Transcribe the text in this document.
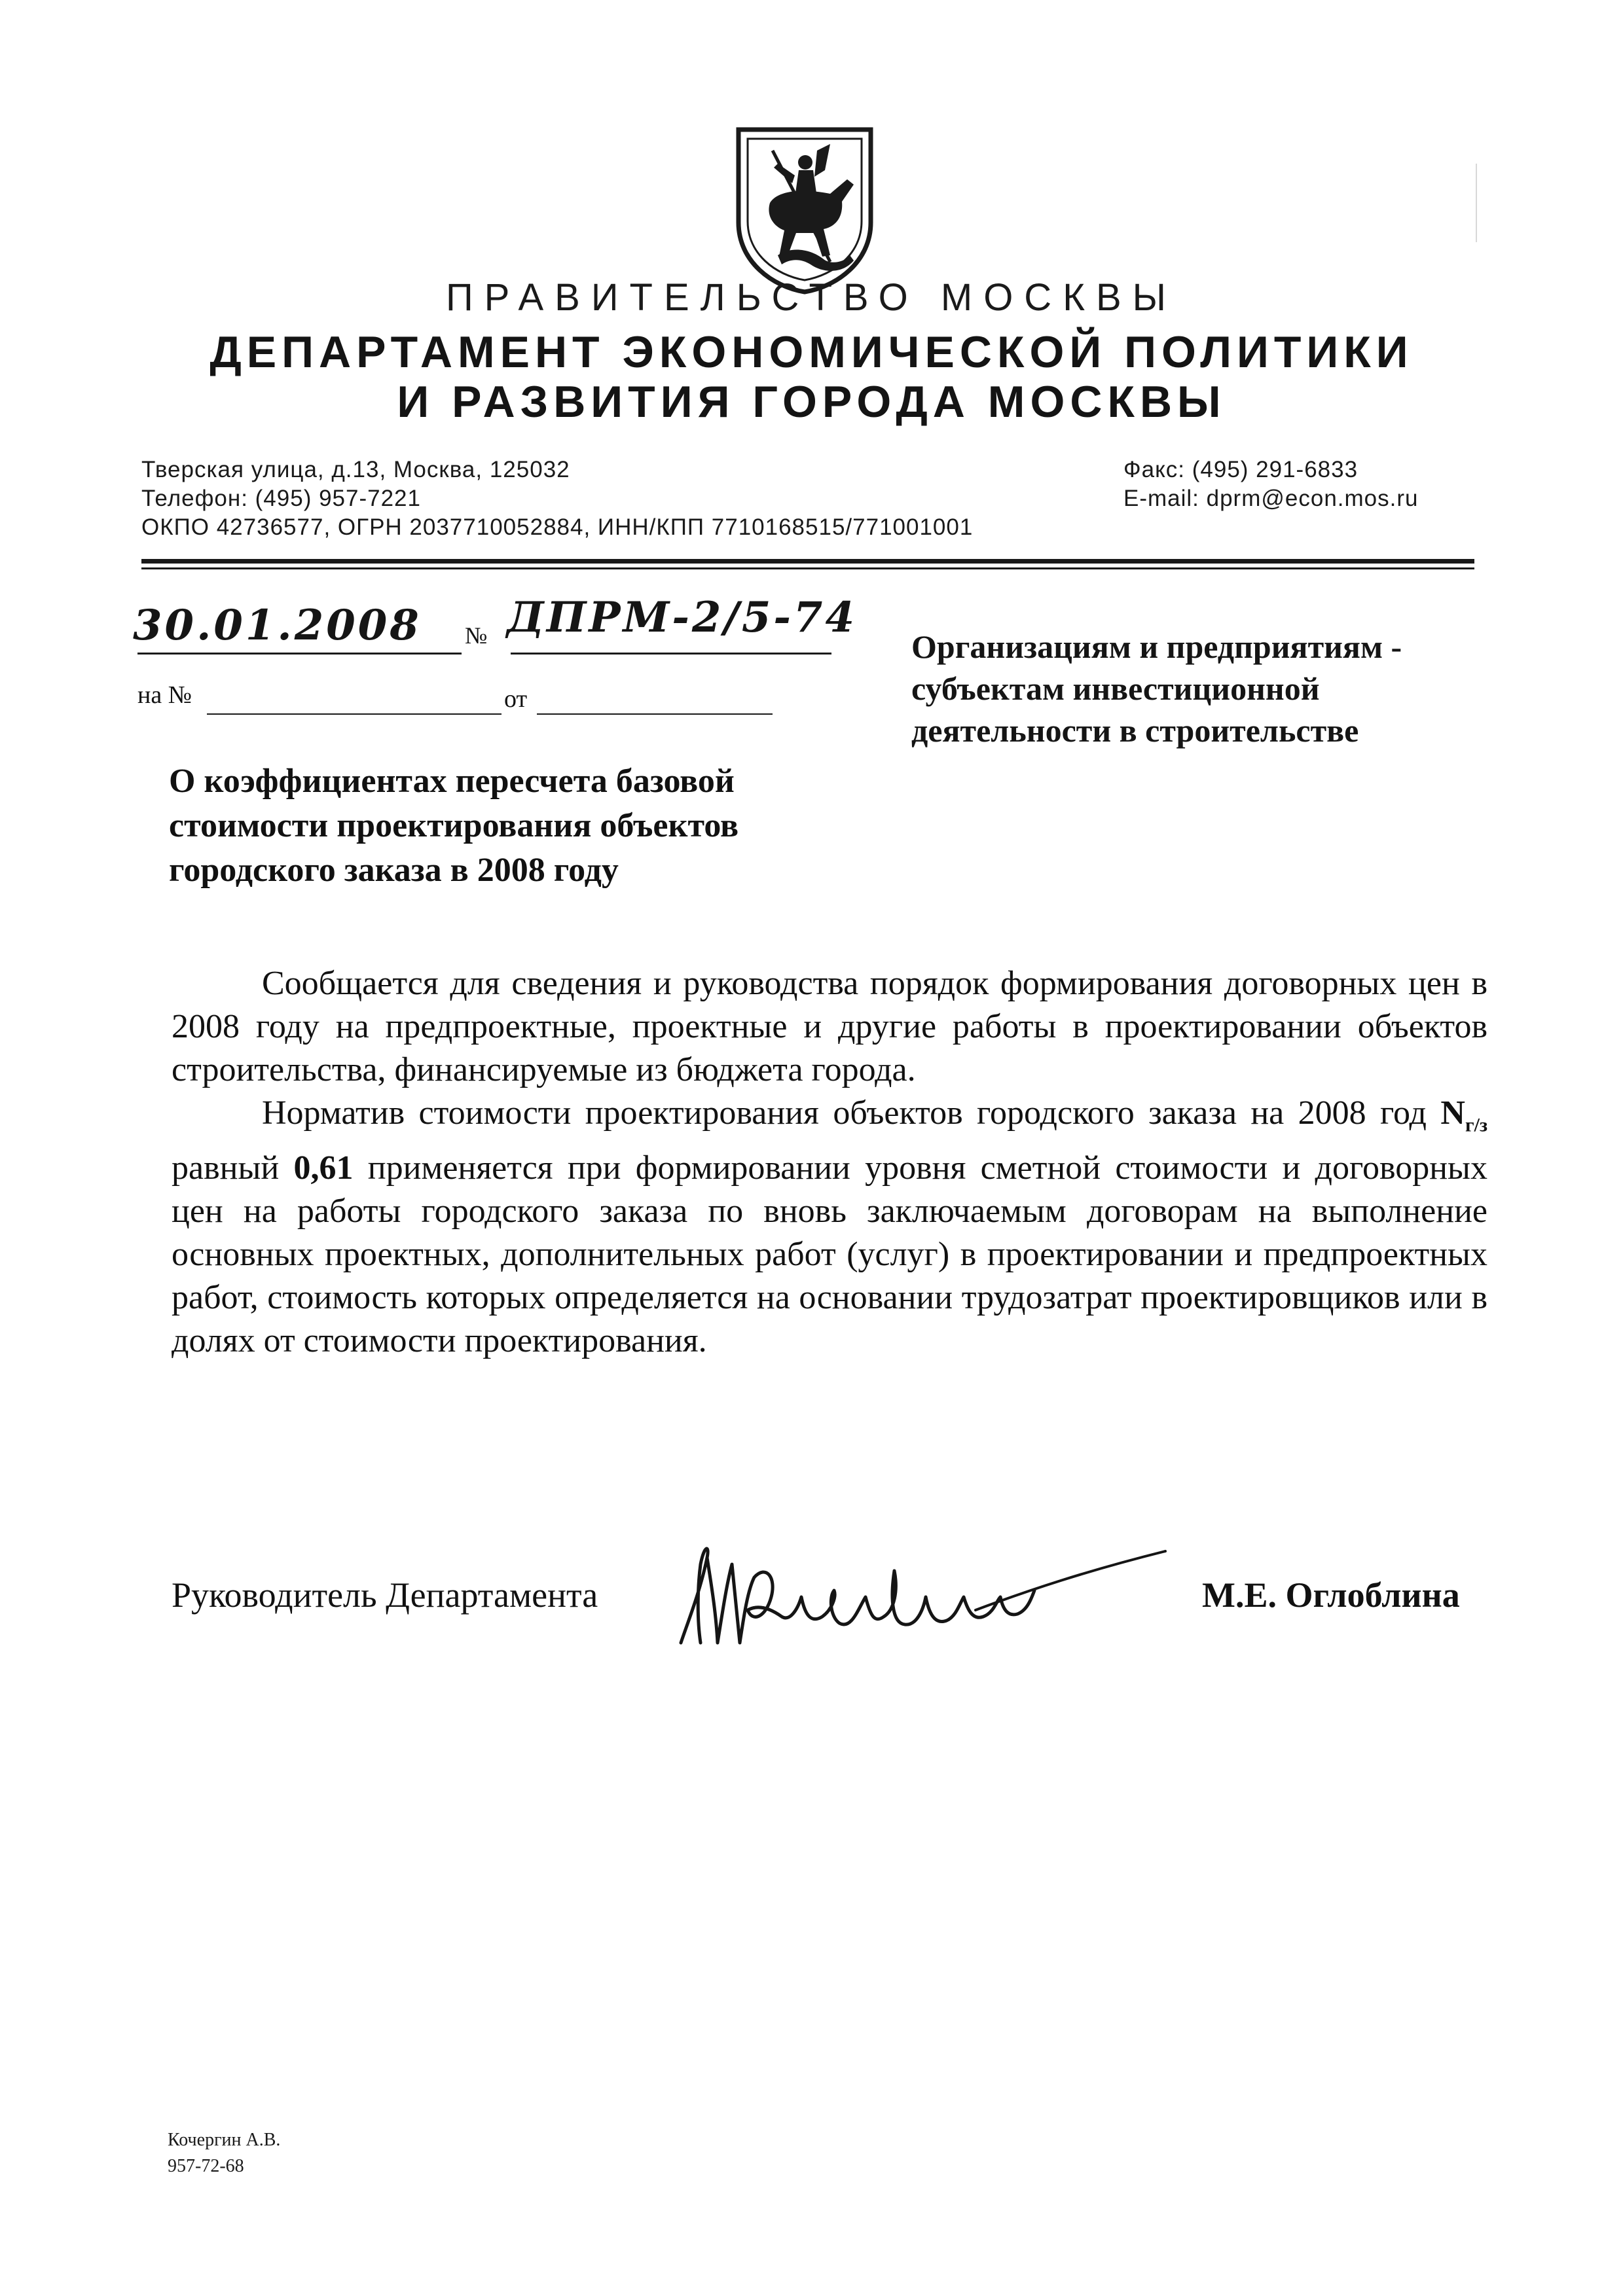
ПРАВИТЕЛЬСТВО МОСКВЫ
ДЕПАРТАМЕНТ ЭКОНОМИЧЕСКОЙ ПОЛИТИКИ
И РАЗВИТИЯ ГОРОДА МОСКВЫ
Тверская улица, д.13, Москва, 125032
Телефон: (495) 957-7221
ОКПО 42736577, ОГРН 2037710052884, ИНН/КПП 7710168515/771001001
Факс: (495) 291-6833
E-mail: dprm@econ.mos.ru
30.01.2008 № ДПРМ-2/5-74
на №	от
Организациям и предприятиям -
субъектам инвестиционной
деятельности в строительстве
О коэффициентах пересчета базовой
стоимости проектирования объектов
городского заказа в 2008 году

Сообщается для сведения и руководства порядок формирования договорных цен в 2008 году на предпроектные, проектные и другие работы в проектировании объектов строительства, финансируемые из бюджета города.

Норматив стоимости проектирования объектов городского заказа на 2008 год $N_{г/з}$ равный 0,61 применяется при формировании уровня сметной стоимости и договорных цен на работы городского заказа по вновь заключаемым договорам на выполнение основных проектных, дополнительных работ (услуг) в проектировании и предпроектных работ, стоимость которых определяется на основании трудозатрат проектировщиков или в долях от стоимости проектирования.

Руководитель Департамента	М.Е. Оглоблина
Кочергин А.В.
957-72-68
